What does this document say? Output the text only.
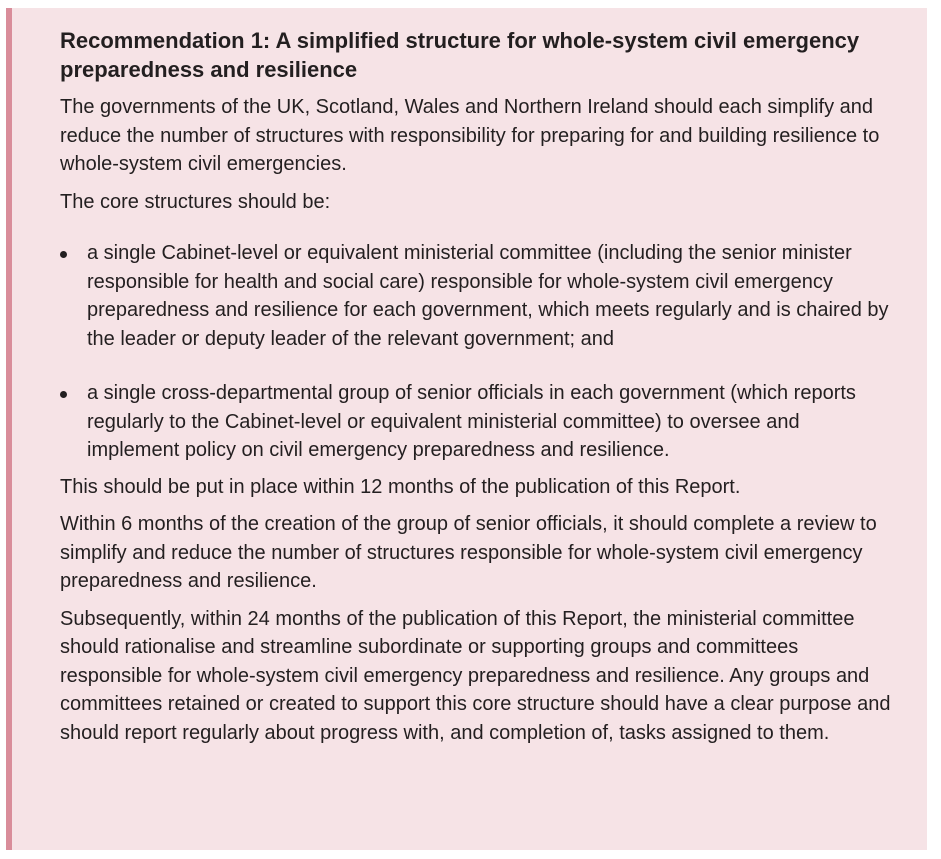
Recommendation 1: A simplified structure for whole-system civil emergency preparedness and resilience

The governments of the UK, Scotland, Wales and Northern Ireland should each simplify and reduce the number of structures with responsibility for preparing for and building resilience to whole-system civil emergencies.

The core structures should be:

a single Cabinet-level or equivalent ministerial committee (including the senior minister responsible for health and social care) responsible for whole-system civil emergency preparedness and resilience for each government, which meets regularly and is chaired by the leader or deputy leader of the relevant government; and
a single cross-departmental group of senior officials in each government (which reports regularly to the Cabinet-level or equivalent ministerial committee) to oversee and implement policy on civil emergency preparedness and resilience.

This should be put in place within 12 months of the publication of this Report.

Within 6 months of the creation of the group of senior officials, it should complete a review to simplify and reduce the number of structures responsible for whole-system civil emergency preparedness and resilience.

Subsequently, within 24 months of the publication of this Report, the ministerial committee should rationalise and streamline subordinate or supporting groups and committees responsible for whole-system civil emergency preparedness and resilience. Any groups and committees retained or created to support this core structure should have a clear purpose and should report regularly about progress with, and completion of, tasks assigned to them.
